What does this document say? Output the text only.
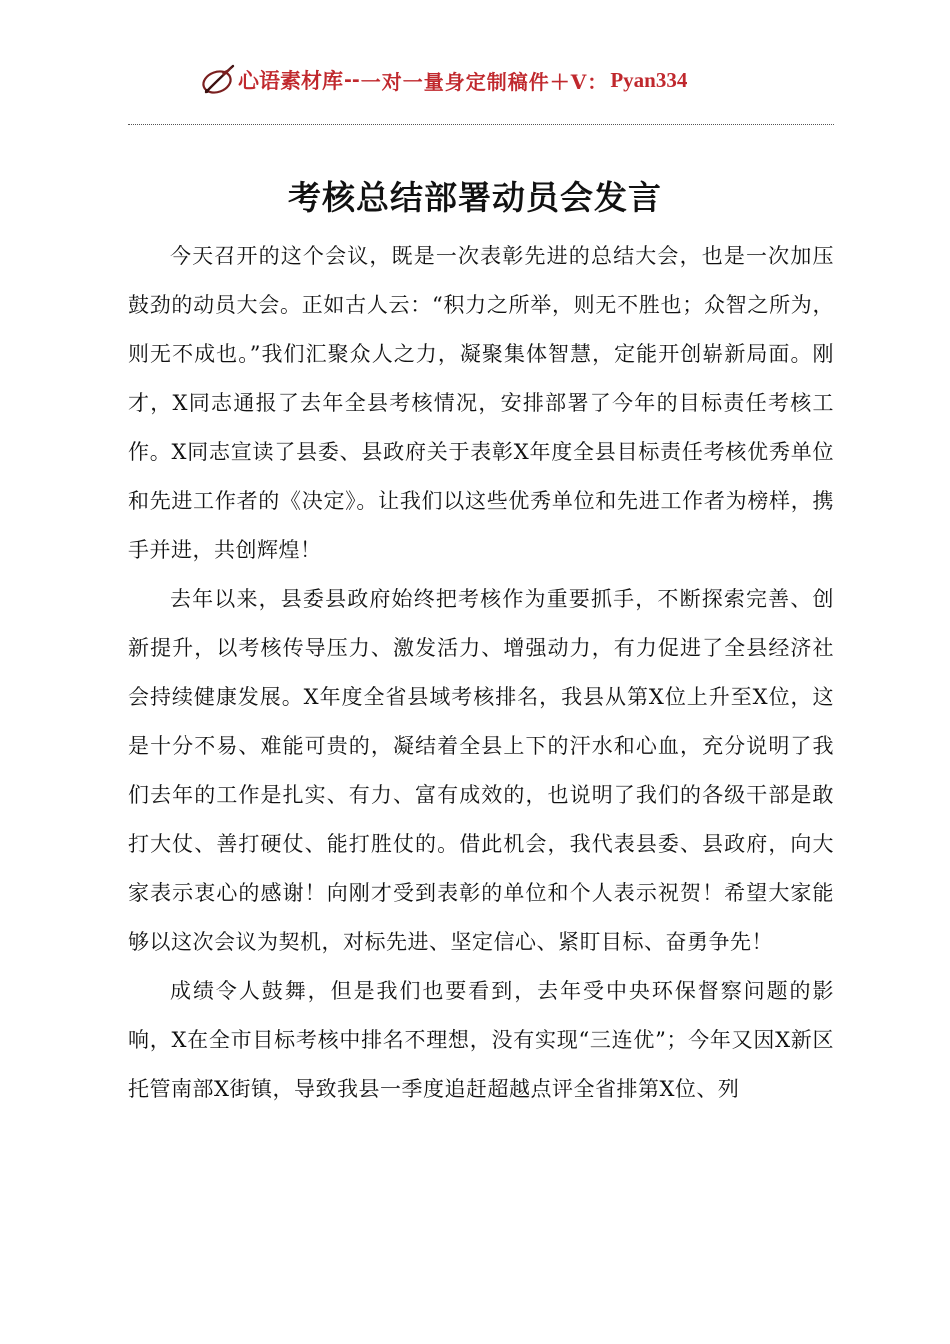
心语素材库 -- 一对一量身定制稿件＋V： Pyan334
考核总结部署动员会发言

今天召开的这个会议，既是一次表彰先进的总结大会，也是一次加压鼓劲的动员大会。正如古人云：“积力之所举，则无不胜也；众智之所为，则无不成也。”我们汇聚众人之力，凝聚集体智慧，定能开创崭新局面。刚才，X同志通报了去年全县考核情况，安排部署了今年的目标责任考核工作。X同志宣读了县委、县政府关于表彰X年度全县目标责任考核优秀单位和先进工作者的《决定》。让我们以这些优秀单位和先进工作者为榜样，携手并进，共创辉煌！

去年以来，县委县政府始终把考核作为重要抓手，不断探索完善、创新提升，以考核传导压力、激发活力、增强动力，有力促进了全县经济社会持续健康发展。X年度全省县域考核排名，我县从第X位上升至X位，这是十分不易、难能可贵的，凝结着全县上下的汗水和心血，充分说明了我们去年的工作是扎实、有力、富有成效的，也说明了我们的各级干部是敢打大仗、善打硬仗、能打胜仗的。借此机会，我代表县委、县政府，向大家表示衷心的感谢！向刚才受到表彰的单位和个人表示祝贺！希望大家能够以这次会议为契机，对标先进、坚定信心、紧盯目标、奋勇争先！

成绩令人鼓舞，但是我们也要看到，去年受中央环保督察问题的影响，X在全市目标考核中排名不理想，没有实现“三连优”；今年又因X新区托管南部X街镇，导致我县一季度追赶超越点评全省排第X位、列
